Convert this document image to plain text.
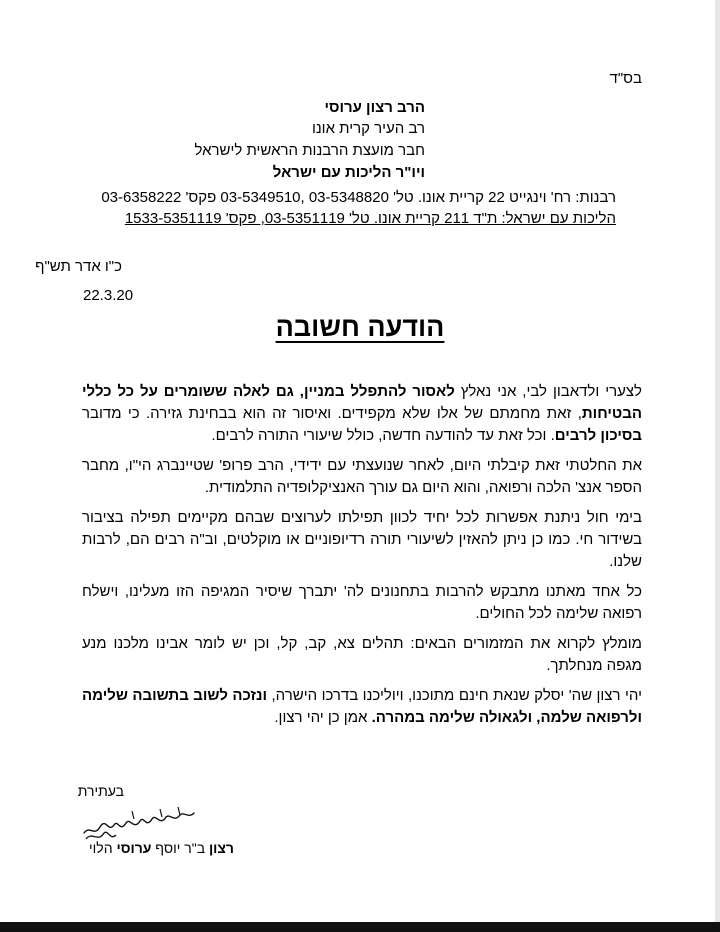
בס"ד
הרב רצון ערוסי
רב העיר קרית אונו
חבר מועצת הרבנות הראשית לישראל
ויו"ר הליכות עם ישראל
רבנות: רח' וינגייט 22 קריית אונו. טל' 03-5348820 ,03-5349510 פקס' 03-6358222
הליכות עם ישראל: ת"ד 211 קריית אונו. טל' 03-5351119, פקס' 1533-5351119
כ"ו אדר תש"ף
22.3.20
הודעה חשובה

לצערי ולדאבון לבי, אני נאלץ לאסור להתפלל במניין, גם לאלה ששומרים על כל כללי הבטיחות, זאת מחמתם של אלו שלא מקפידים. ואיסור זה הוא בבחינת גזירה. כי מדובר בסיכון לרבים. וכל זאת עד להודעה חדשה, כולל שיעורי התורה לרבים.

את החלטתי זאת קיבלתי היום, לאחר שנועצתי עם ידידי, הרב פרופ' שטיינברג הי"ו, מחבר הספר אנצ' הלכה ורפואה, והוא היום גם עורך האנציקלופדיה התלמודית.

בימי חול ניתנת אפשרות לכל יחיד לכוון תפילתו לערוצים שבהם מקיימים תפילה בציבור בשידור חי. כמו כן ניתן להאזין לשיעורי תורה רדיופוניים או מוקלטים, וב"ה רבים הם, לרבות שלנו.

כל אחד מאתנו מתבקש להרבות בתחנונים לה' יתברך שיסיר המגיפה הזו מעלינו, וישלח רפואה שלימה לכל החולים.

מומלץ לקרוא את המזמורים הבאים: תהלים צא, קב, קל, וכן יש לומר אבינו מלכנו מנע מגפה מנחלתך.

יהי רצון שה' יסלק שנאת חינם מתוכנו, ויוליכנו בדרכו הישרה, ונזכה לשוב בתשובה שלימה ולרפואה שלמה, ולגאולה שלימה במהרה. אמן כן יהי רצון.

בעתירת
רצון ב"ר יוסף ערוסי הלוי
